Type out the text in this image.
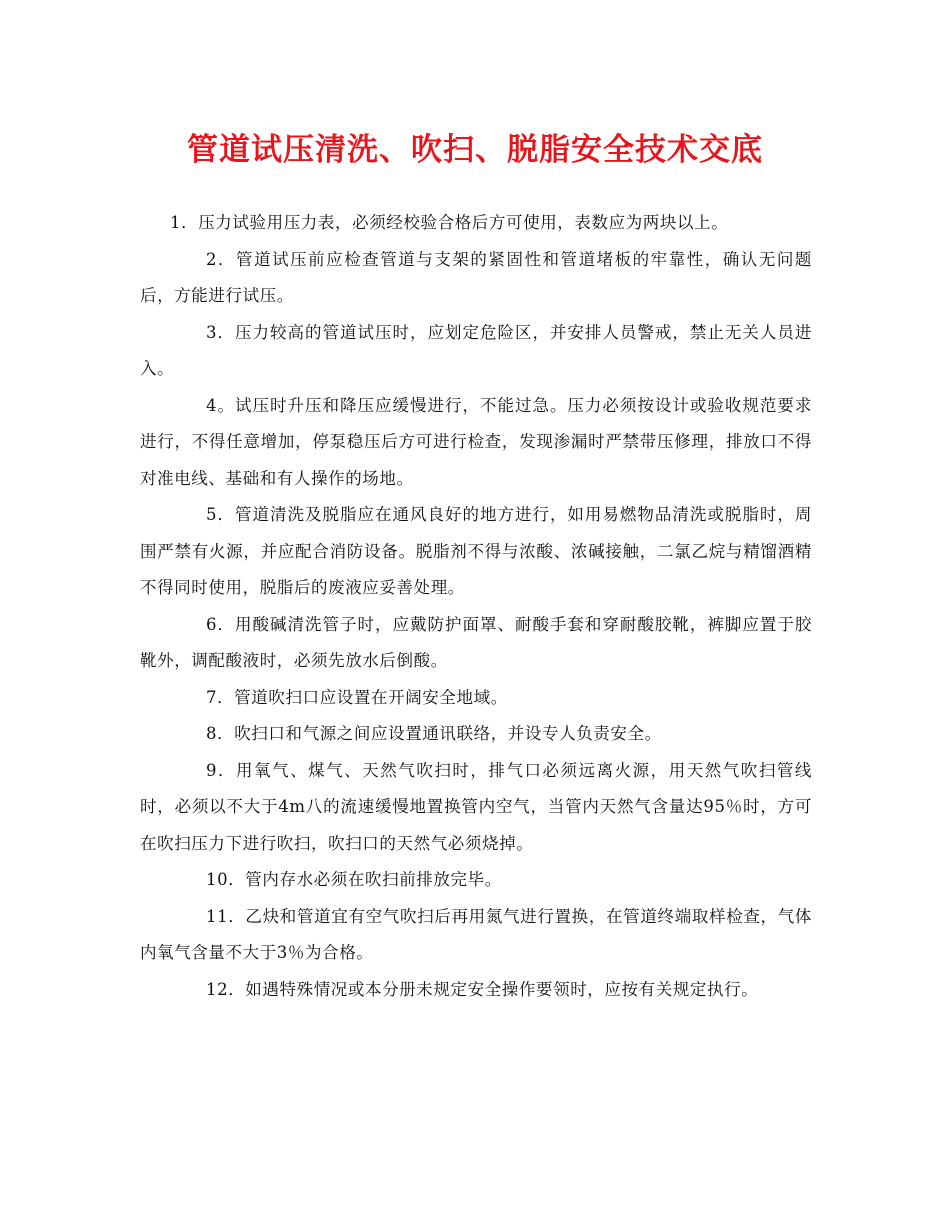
管道试压清洗、吹扫、脱脂安全技术交底

1．压力试验用压力表，必须经校验合格后方可使用，表数应为两块以上。

2．管道试压前应检查管道与支架的紧固性和管道堵板的牢靠性，确认无问题后，方能进行试压。

3．压力较高的管道试压时，应划定危险区，并安排人员警戒，禁止无关人员进入。

4。试压时升压和降压应缓慢进行，不能过急。压力必须按设计或验收规范要求进行，不得任意增加，停泵稳压后方可进行检查，发现渗漏时严禁带压修理，排放口不得对准电线、基础和有人操作的场地。

5．管道清洗及脱脂应在通风良好的地方进行，如用易燃物品清洗或脱脂时，周围严禁有火源，并应配合消防设备。脱脂剂不得与浓酸、浓碱接触，二氯乙烷与精馏酒精不得同时使用，脱脂后的废液应妥善处理。

6．用酸碱清洗管子时，应戴防护面罩、耐酸手套和穿耐酸胶靴，裤脚应置于胶靴外，调配酸液时，必须先放水后倒酸。

7．管道吹扫口应设置在开阔安全地域。

8．吹扫口和气源之间应设置通讯联络，并设专人负责安全。

9．用氧气、煤气、天然气吹扫时，排气口必须远离火源，用天然气吹扫管线时，必须以不大于4m八的流速缓慢地置换管内空气，当管内天然气含量达95％时，方可在吹扫压力下进行吹扫，吹扫口的天然气必须烧掉。

10．管内存水必须在吹扫前排放完毕。

11．乙炔和管道宜有空气吹扫后再用氮气进行置换，在管道终端取样检查，气体内氧气含量不大于3％为合格。

12．如遇特殊情况或本分册未规定安全操作要领时，应按有关规定执行。
